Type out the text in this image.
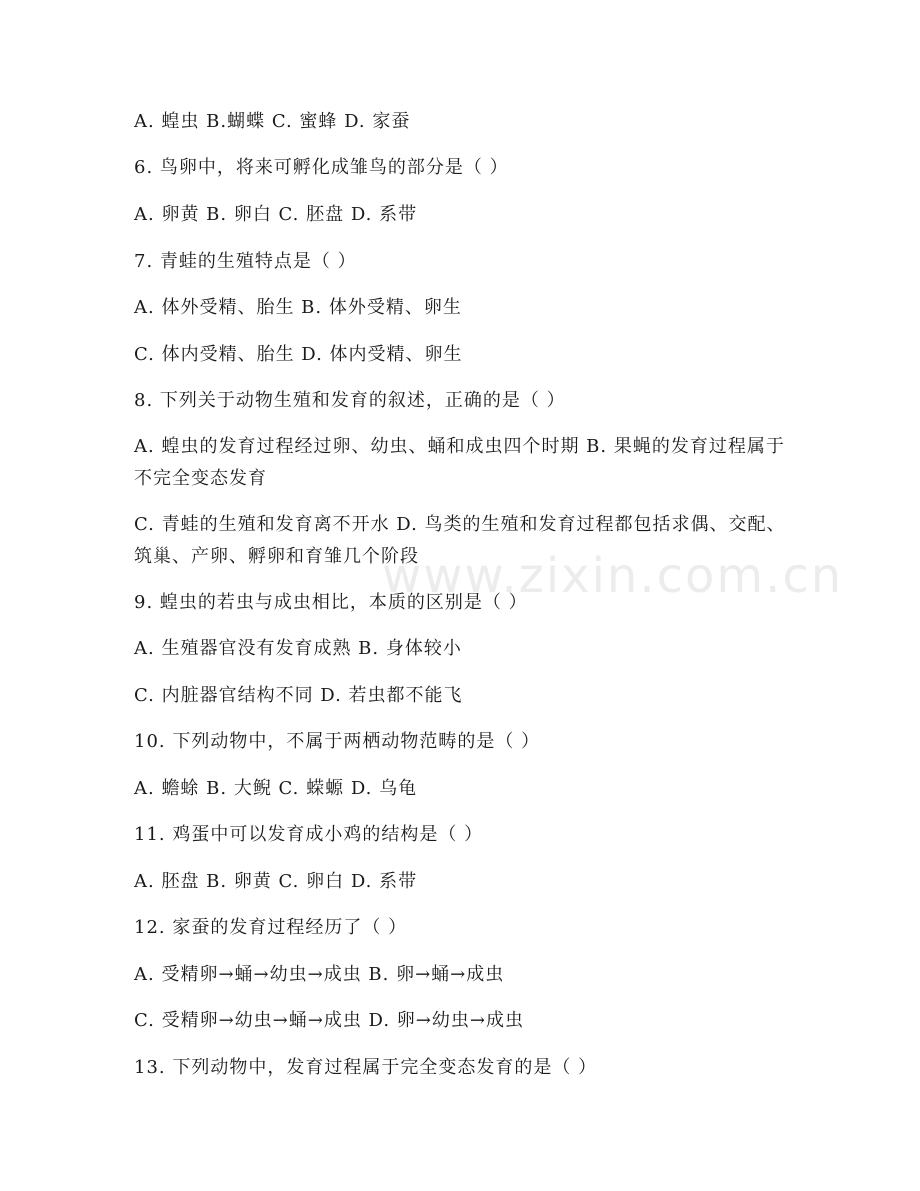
A. 蝗虫 B.蝴蝶 C. 蜜蜂 D. 家蚕
6. 鸟卵中，将来可孵化成雏鸟的部分是（ ）
A. 卵黄 B. 卵白 C. 胚盘 D. 系带
7. 青蛙的生殖特点是（ ）
A. 体外受精、胎生 B. 体外受精、卵生
C. 体内受精、胎生 D. 体内受精、卵生
8. 下列关于动物生殖和发育的叙述，正确的是（ ）
A. 蝗虫的发育过程经过卵、幼虫、蛹和成虫四个时期 B. 果蝇的发育过程属于不完全变态发育
C. 青蛙的生殖和发育离不开水 D. 鸟类的生殖和发育过程都包括求偶、交配、筑巢、产卵、孵卵和育雏几个阶段
9. 蝗虫的若虫与成虫相比，本质的区别是（ ）
A. 生殖器官没有发育成熟 B. 身体较小
C. 内脏器官结构不同 D. 若虫都不能飞
10. 下列动物中，不属于两栖动物范畴的是（ ）
A. 蟾蜍 B. 大鲵 C. 蝾螈 D. 乌龟
11. 鸡蛋中可以发育成小鸡的结构是（ ）
A. 胚盘 B. 卵黄 C. 卵白 D. 系带
12. 家蚕的发育过程经历了（ ）
A. 受精卵→蛹→幼虫→成虫 B. 卵→蛹→成虫
C. 受精卵→幼虫→蛹→成虫 D. 卵→幼虫→成虫
13. 下列动物中，发育过程属于完全变态发育的是（ ）
www.zixin.com.cn
